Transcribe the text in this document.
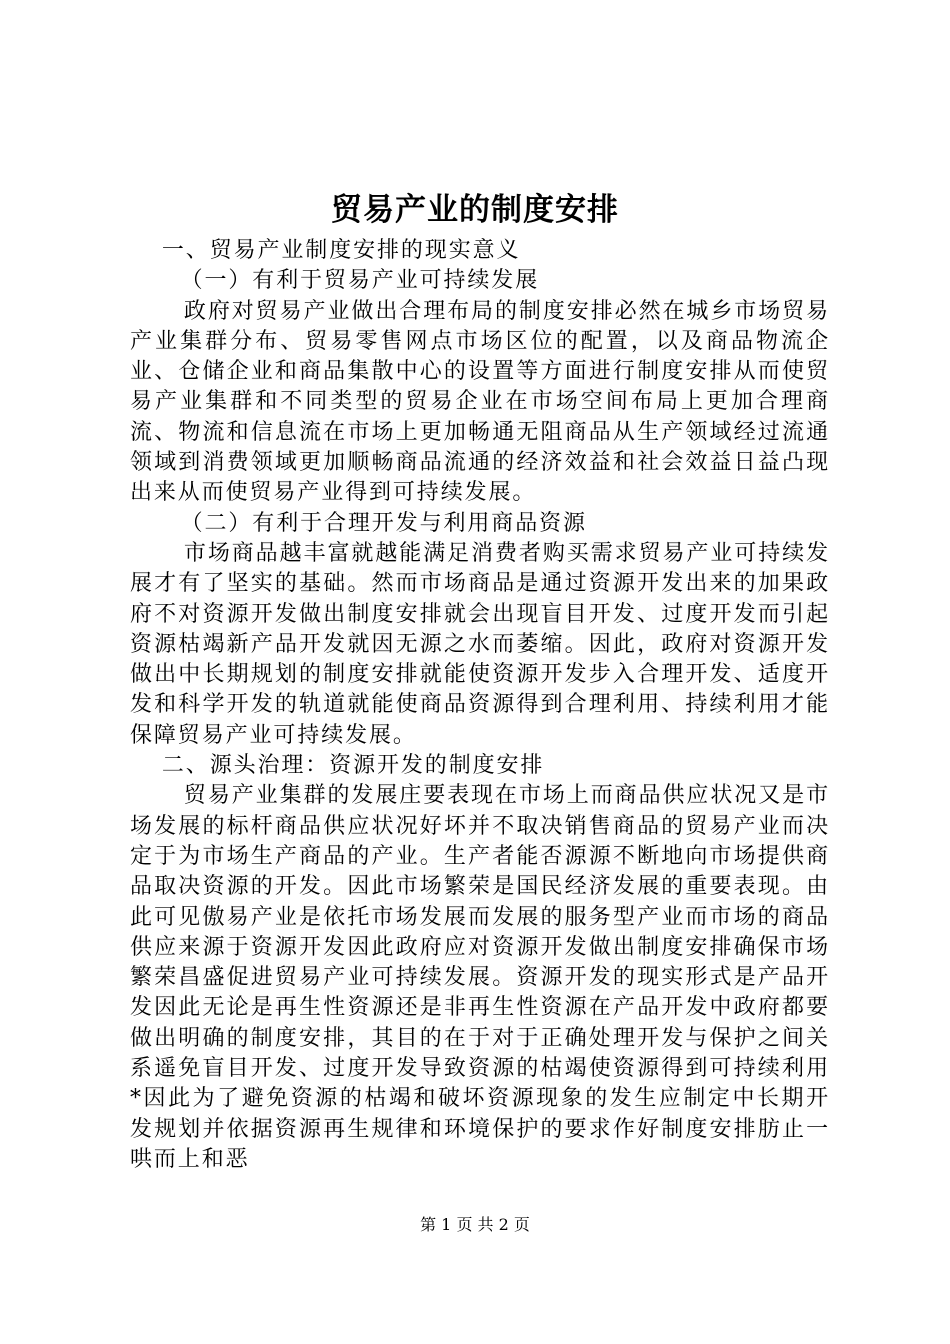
贸易产业的制度安排

一、贸易产业制度安排的现实意义

（一）有利于贸易产业可持续发展

政府对贸易产业做出合理布局的制度安排必然在城乡市场贸易产业集群分布、贸易零售网点市场区位的配置，以及商品物流企业、仓储企业和商品集散中心的设置等方面进行制度安排从而使贸易产业集群和不同类型的贸易企业在市场空间布局上更加合理商流、物流和信息流在市场上更加畅通无阻商品从生产领域经过流通领域到消费领域更加顺畅商品流通的经济效益和社会效益日益凸现出来从而使贸易产业得到可持续发展。

（二）有利于合理开发与利用商品资源

市场商品越丰富就越能满足消费者购买需求贸易产业可持续发展才有了坚实的基础。然而市场商品是通过资源开发出来的加果政府不对资源开发做出制度安排就会出现盲目开发、过度开发而引起资源枯竭新产品开发就因无源之水而萎缩。因此，政府对资源开发做出中长期规划的制度安排就能使资源开发步入合理开发、适度开发和科学开发的轨道就能使商品资源得到合理利用、持续利用才能保障贸易产业可持续发展。

二、源头治理：资源开发的制度安排

贸易产业集群的发展庄要表现在市场上而商品供应状况又是市场发展的标杆商品供应状况好坏并不取决销售商品的贸易产业而决定于为市场生产商品的产业。生产者能否源源不断地向市场提供商品取决资源的开发。因此市场繁荣是国民经济发展的重要表现。由此可见傲易产业是依托市场发展而发展的服务型产业而市场的商品供应来源于资源开发因此政府应对资源开发做出制度安排确保市场繁荣昌盛促进贸易产业可持续发展。资源开发的现实形式是产品开发因此无论是再生性资源还是非再生性资源在产品开发中政府都要做出明确的制度安排，其目的在于对于正确处理开发与保护之间关系遥免盲目开发、过度开发导致资源的枯竭使资源得到可持续利用*因此为了避免资源的枯竭和破坏资源现象的发生应制定中长期开发规划并依据资源再生规律和环境保护的要求作好制度安排肪止一哄而上和恶

第 1 页 共 2 页
